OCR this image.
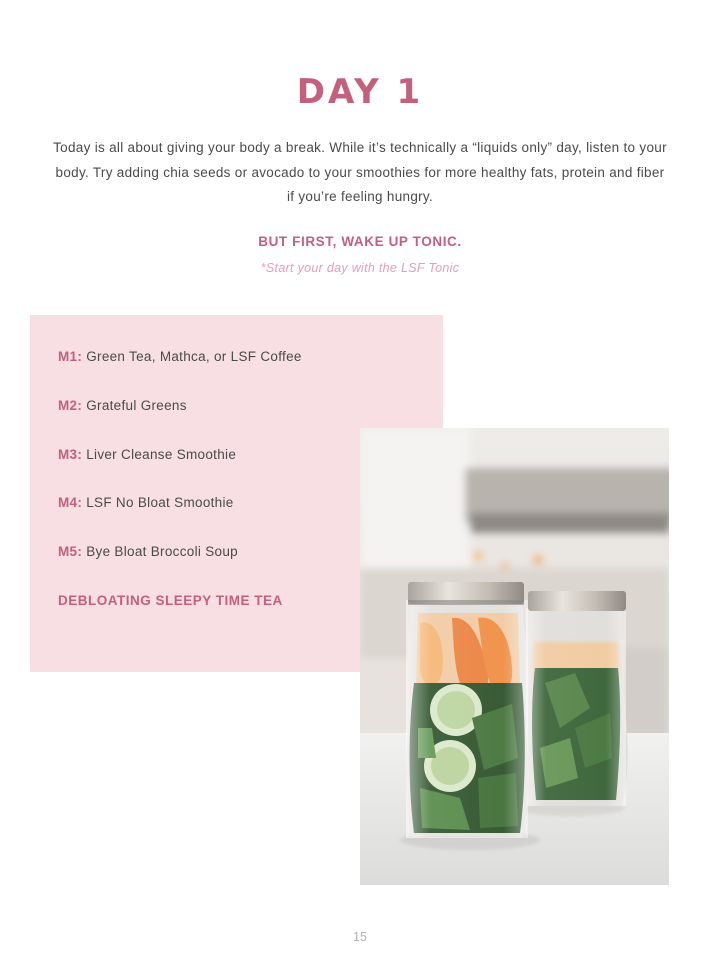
DAY 1

Today is all about giving your body a break. While it’s technically a “liquids only” day, listen to your body. Try adding chia seeds or avocado to your smoothies for more healthy fats, protein and fiber if you’re feeling hungry.

BUT FIRST, WAKE UP TONIC.

*Start your day with the LSF Tonic

M1: Green Tea, Mathca, or LSF Coffee
M2: Grateful Greens
M3: Liver Cleanse Smoothie
M4: LSF No Bloat Smoothie
M5: Bye Bloat Broccoli Soup
DEBLOATING SLEEPY TIME TEA

15
